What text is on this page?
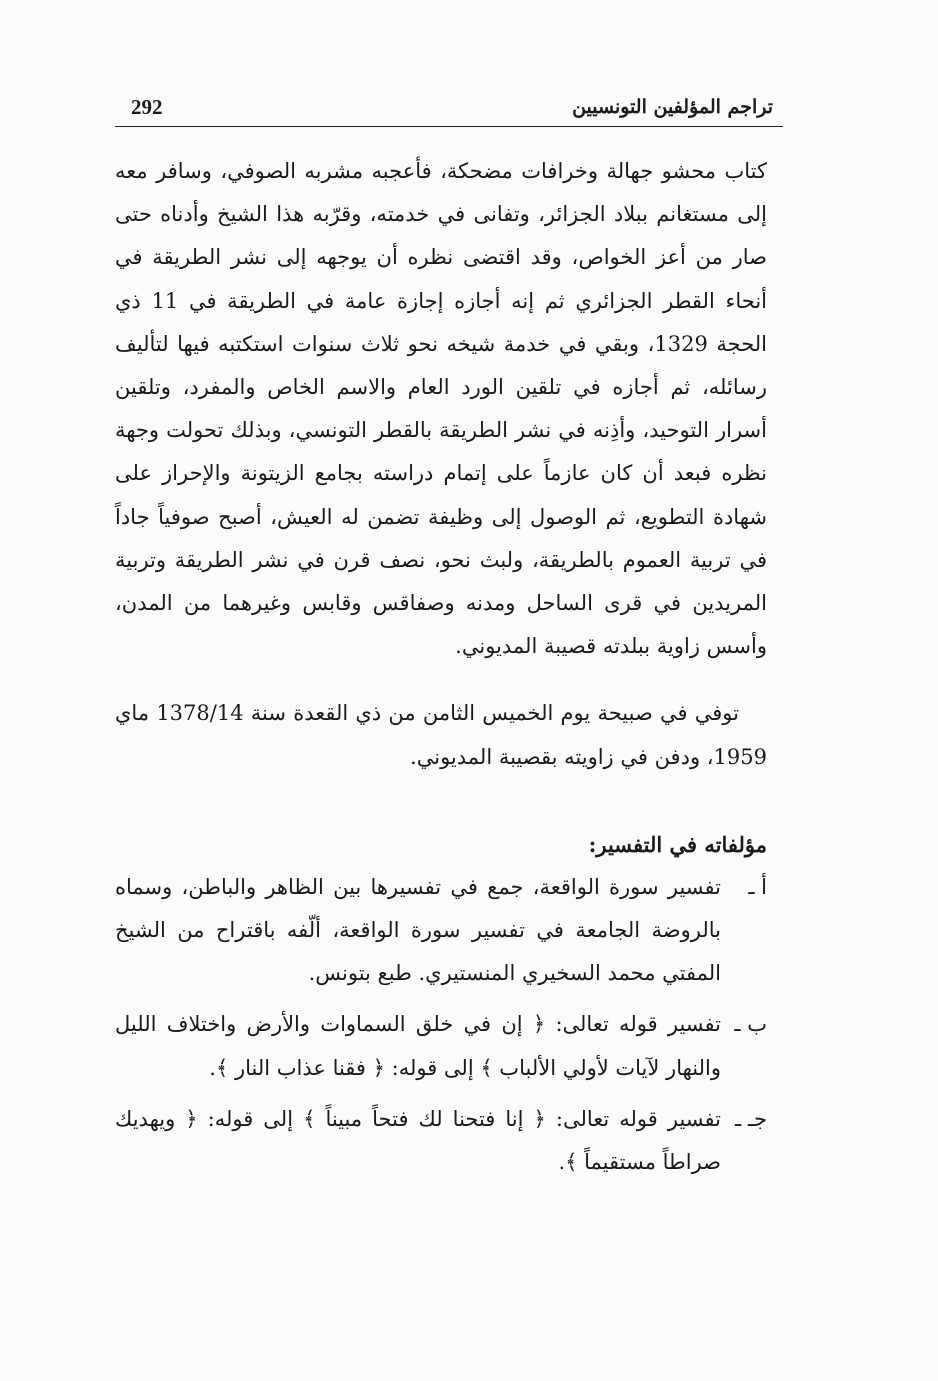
292	تراجم المؤلفين التونسيين

كتاب محشو جهالة وخرافات مضحكة، فأعجبه مشربه الصوفي، وسافر معه إلى مستغانم ببلاد الجزائر، وتفانى في خدمته، وقرّبه هذا الشيخ وأدناه حتى صار من أعز الخواص، وقد اقتضى نظره أن يوجهه إلى نشر الطريقة في أنحاء القطر الجزائري ثم إنه أجازه إجازة عامة في الطريقة في 11 ذي الحجة 1329، وبقي في خدمة شيخه نحو ثلاث سنوات استكتبه فيها لتأليف رسائله، ثم أجازه في تلقين الورد العام والاسم الخاص والمفرد، وتلقين أسرار التوحيد، وأذِنه في نشر الطريقة بالقطر التونسي، وبذلك تحولت وجهة نظره فبعد أن كان عازماً على إتمام دراسته بجامع الزيتونة والإحراز على شهادة التطويع، ثم الوصول إلى وظيفة تضمن له العيش، أصبح صوفياً جاداً في تربية العموم بالطريقة، ولبث نحو، نصف قرن في نشر الطريقة وتربية المريدين في قرى الساحل ومدنه وصفاقس وقابس وغيرهما من المدن، وأسس زاوية ببلدته قصيبة المديوني.

توفي في صبيحة يوم الخميس الثامن من ذي القعدة سنة 1378/14 ماي 1959، ودفن في زاويته بقصيبة المديوني.

مؤلفاته في التفسير:

أ ـ
تفسير سورة الواقعة، جمع في تفسيرها بين الظاهر والباطن، وسماه بالروضة الجامعة في تفسير سورة الواقعة، ألّفه باقتراح من الشيخ المفتي محمد السخيري المنستيري. طبع بتونس.
ب ـ
تفسير قوله تعالى: ﴿ إن في خلق السماوات والأرض واختلاف الليل والنهار لآيات لأولي الألباب ﴾ إلى قوله: ﴿ فقنا عذاب النار ﴾.
جـ ـ
تفسير قوله تعالى: ﴿ إنا فتحنا لك فتحاً مبيناً ﴾ إلى قوله: ﴿ ويهديك صراطاً مستقيماً ﴾.
